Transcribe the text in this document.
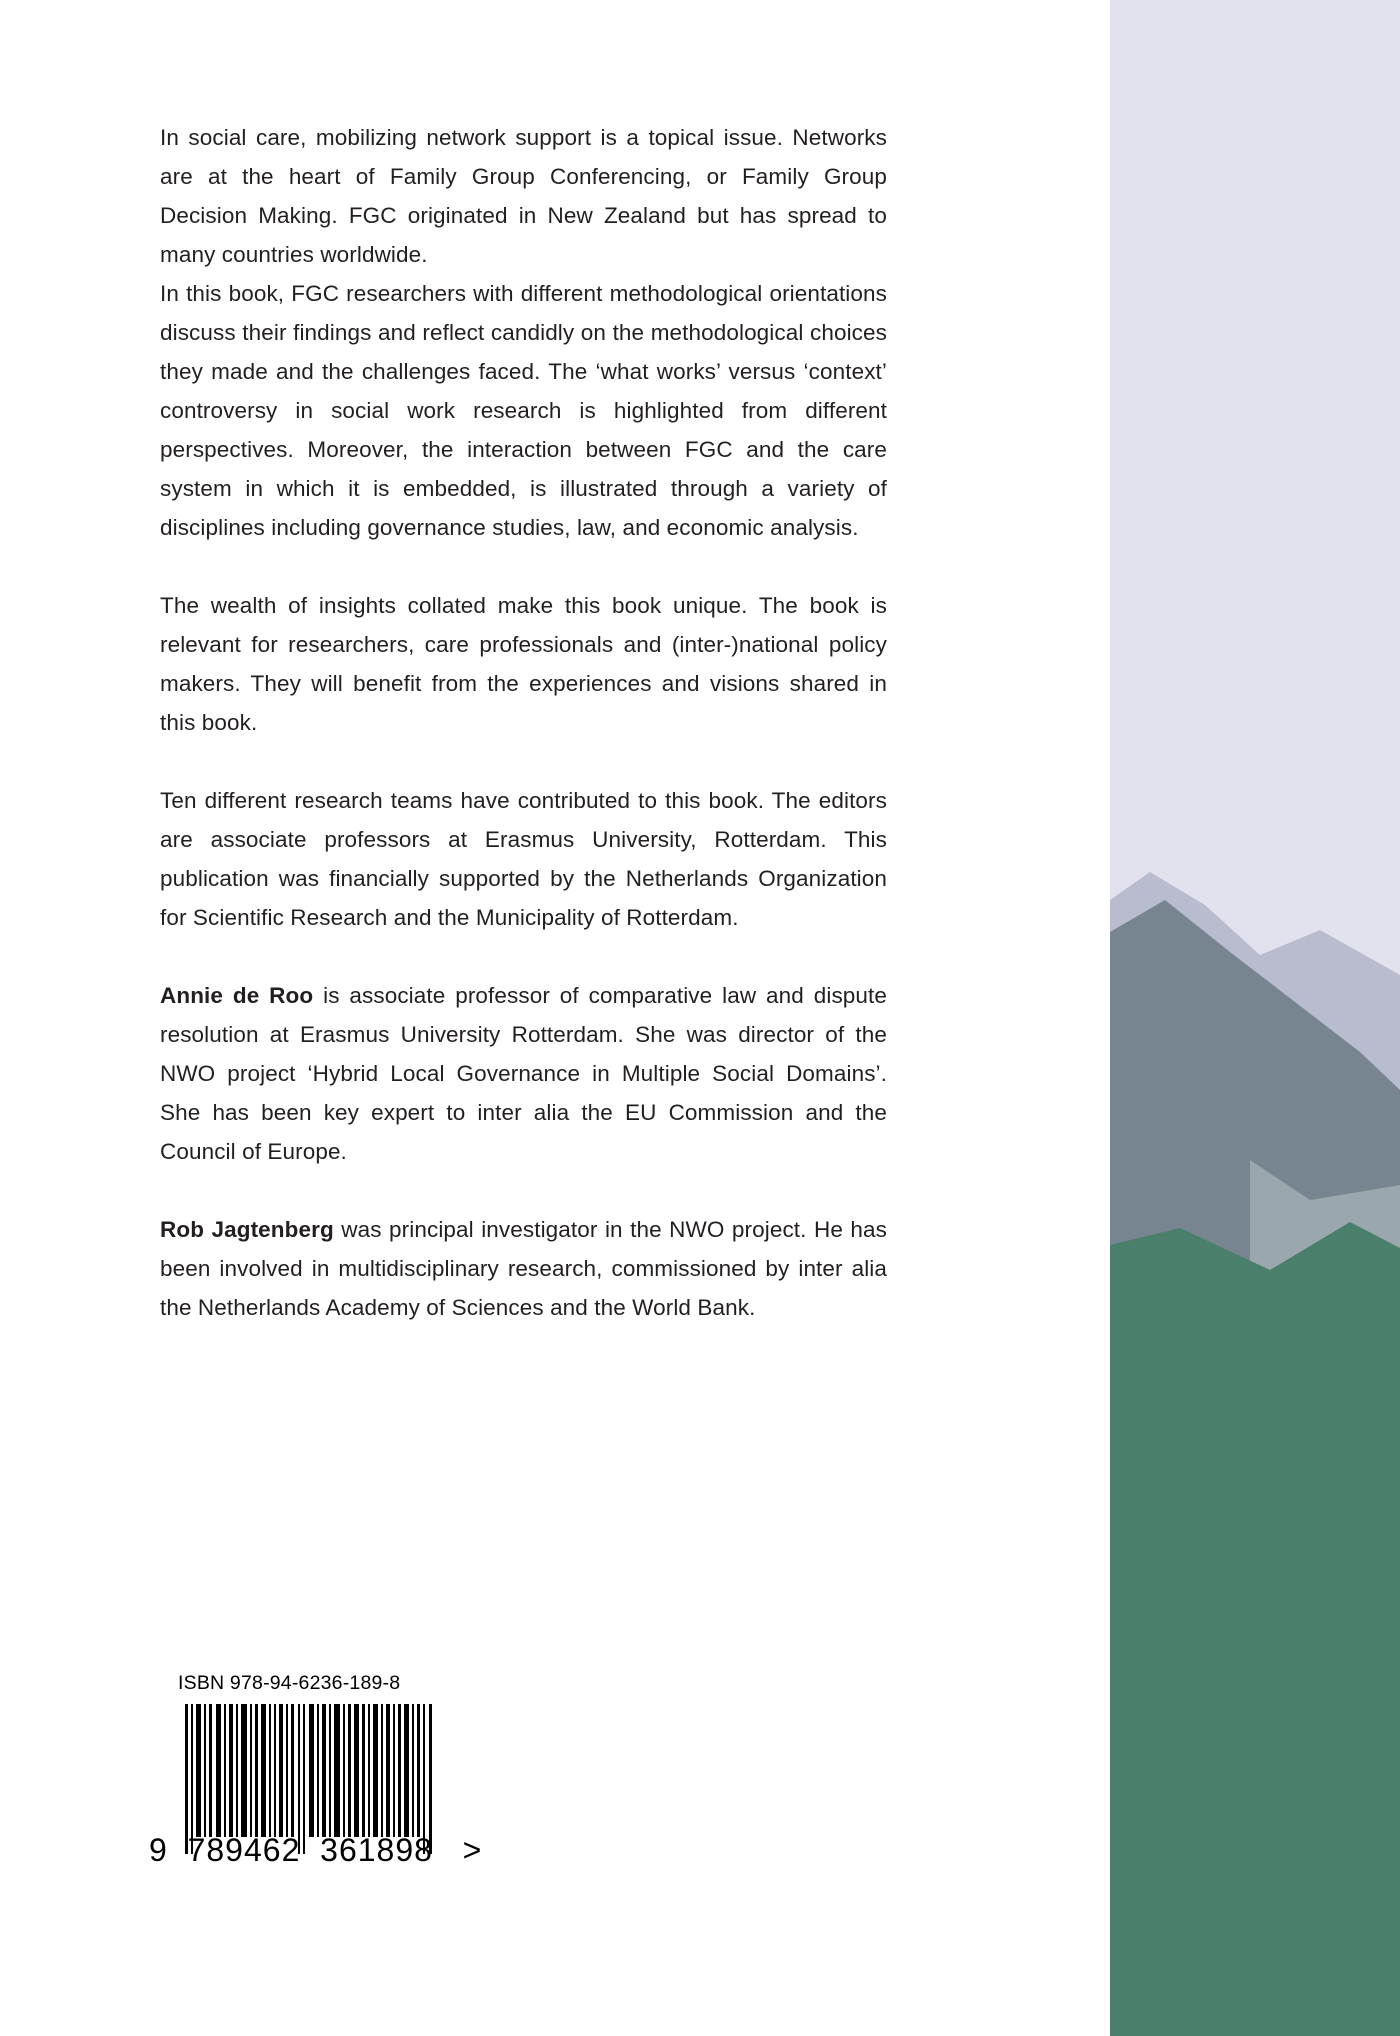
In social care, mobilizing network support is a topical issue. Networks are at the heart of Family Group Conferencing, or Family Group Decision Making. FGC originated in New Zealand but has spread to many countries worldwide.

In this book, FGC researchers with different methodological orientations discuss their findings and reflect candidly on the methodological choices they made and the challenges faced. The ‘what works’ versus ‘context’ controversy in social work research is highlighted from different perspectives. Moreover, the interaction between FGC and the care system in which it is embedded, is illustrated through a variety of disciplines including governance studies, law, and economic analysis.

The wealth of insights collated make this book unique. The book is relevant for researchers, care professionals and (inter-)national policy makers. They will benefit from the experiences and visions shared in this book.

Ten different research teams have contributed to this book. The editors are associate professors at Erasmus University, Rotterdam. This publication was financially supported by the Netherlands Organization for Scientific Research and the Municipality of Rotterdam.

Annie de Roo is associate professor of comparative law and dispute resolution at Erasmus University Rotterdam. She was director of the NWO project ‘Hybrid Local Governance in Multiple Social Domains’. She has been key expert to inter alia the EU Commission and the Council of Europe.

Rob Jagtenberg was principal investigator in the NWO project. He has been involved in multidisciplinary research, commissioned by inter alia the Netherlands Academy of Sciences and the World Bank.

ISBN 978-94-6236-189-8
9  789462  361898   >
